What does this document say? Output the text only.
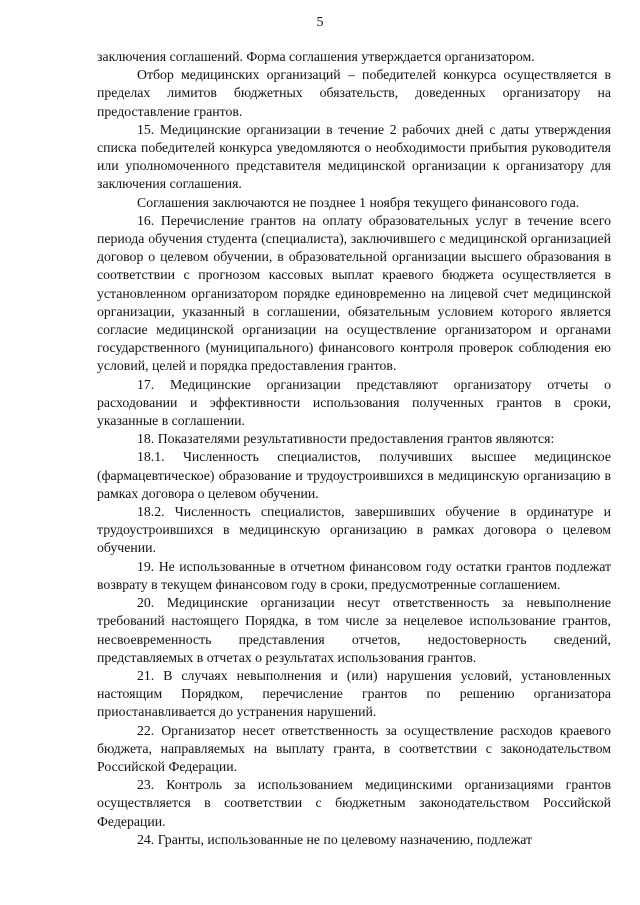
5

заключения соглашений. Форма соглашения утверждается организатором.

Отбор медицинских организаций – победителей конкурса осуществляется в пределах лимитов бюджетных обязательств, доведенных организатору на предоставление грантов.

15. Медицинские организации в течение 2 рабочих дней с даты утверждения списка победителей конкурса уведомляются о необходимости прибытия руководителя или уполномоченного представителя медицинской организации к организатору для заключения соглашения.

Соглашения заключаются не позднее 1 ноября текущего финансового года.

16. Перечисление грантов на оплату образовательных услуг в течение всего периода обучения студента (специалиста), заключившего с медицинской организацией договор о целевом обучении, в образовательной организации высшего образования в соответствии с прогнозом кассовых выплат краевого бюджета осуществляется в установленном организатором порядке единовременно на лицевой счет медицинской организации, указанный в соглашении, обязательным условием которого является согласие медицинской организации на осуществление организатором и органами государственного (муниципального) финансового контроля проверок соблюдения ею условий, целей и порядка предоставления грантов.

17. Медицинские организации представляют организатору отчеты о расходовании и эффективности использования полученных грантов в сроки, указанные в соглашении.

18. Показателями результативности предоставления грантов являются:

18.1. Численность специалистов, получивших высшее медицинское (фармацевтическое) образование и трудоустроившихся в медицинскую организацию в рамках договора о целевом обучении.

18.2. Численность специалистов, завершивших обучение в ординатуре и трудоустроившихся в медицинскую организацию в рамках договора о целевом обучении.

19. Не использованные в отчетном финансовом году остатки грантов подлежат возврату в текущем финансовом году в сроки, предусмотренные соглашением.

20. Медицинские организации несут ответственность за невыполнение требований настоящего Порядка, в том числе за нецелевое использование грантов, несвоевременность представления отчетов, недостоверность сведений, представляемых в отчетах о результатах использования грантов.

21. В случаях невыполнения и (или) нарушения условий, установленных настоящим Порядком, перечисление грантов по решению организатора приостанавливается до устранения нарушений.

22. Организатор несет ответственность за осуществление расходов краевого бюджета, направляемых на выплату гранта, в соответствии с законодательством Российской Федерации.

23. Контроль за использованием медицинскими организациями грантов осуществляется в соответствии с бюджетным законодательством Российской Федерации.

24. Гранты, использованные не по целевому назначению, подлежат
